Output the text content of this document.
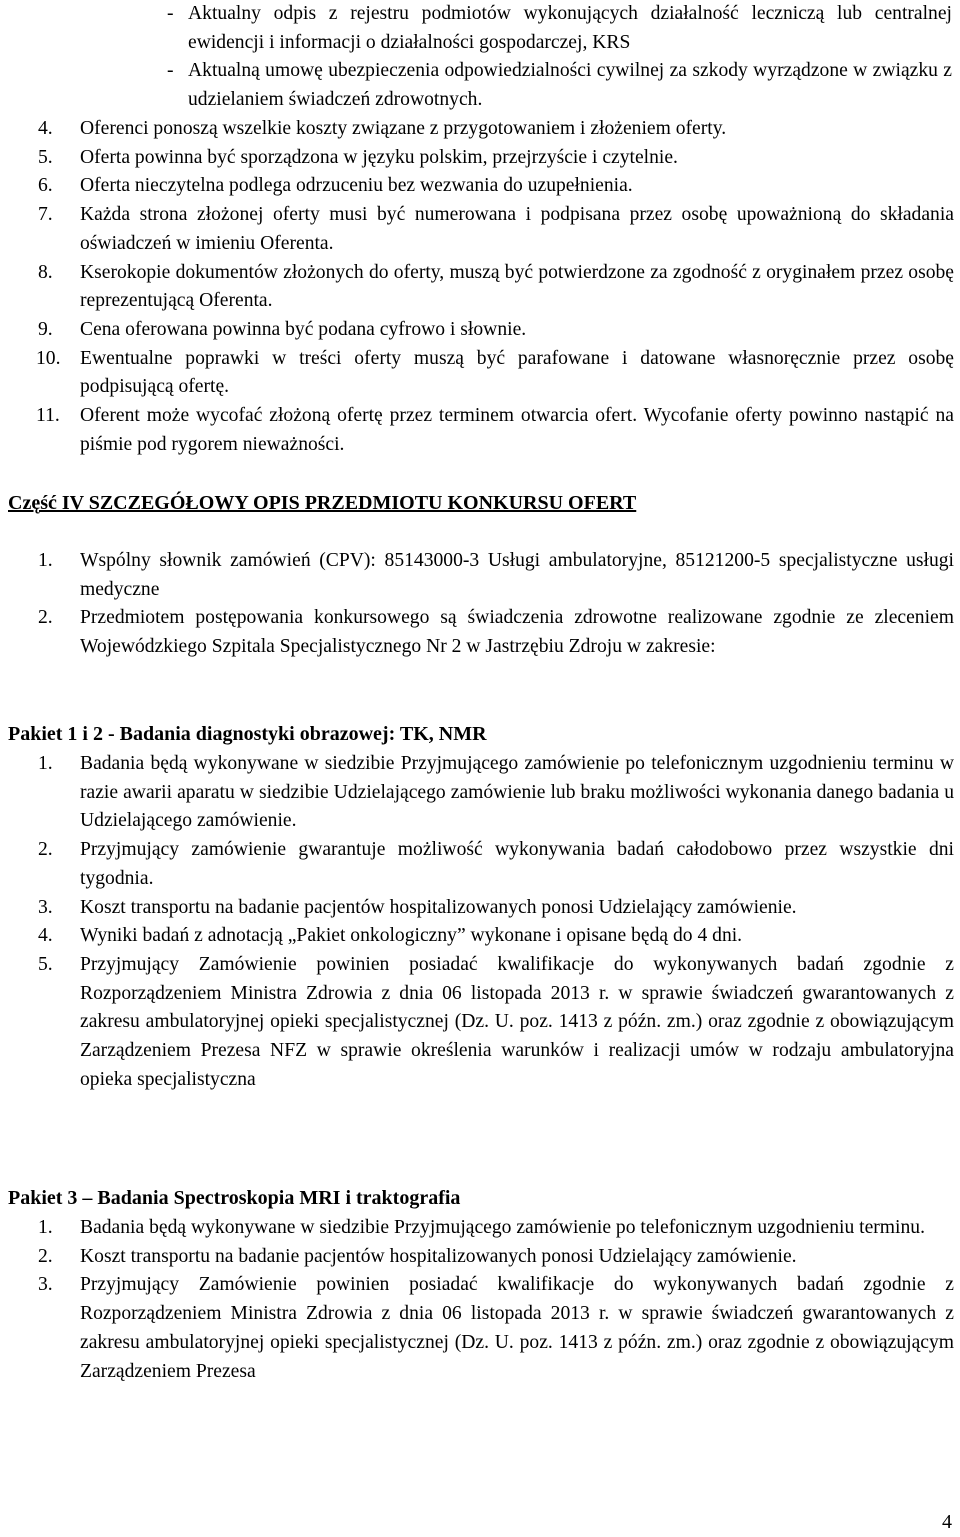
- Aktualny odpis z rejestru podmiotów wykonujących działalność leczniczą lub centralnej ewidencji i informacji o działalności gospodarczej, KRS
- Aktualną umowę ubezpieczenia odpowiedzialności cywilnej za szkody wyrządzone w związku z udzielaniem świadczeń zdrowotnych.
4. Oferenci ponoszą wszelkie koszty związane z przygotowaniem i złożeniem oferty.
5. Oferta powinna być sporządzona w języku polskim, przejrzyście i czytelnie.
6. Oferta nieczytelna podlega odrzuceniu bez wezwania do uzupełnienia.
7. Każda strona złożonej oferty musi być numerowana i podpisana przez osobę upoważnioną do składania oświadczeń w imieniu Oferenta.
8. Kserokopie dokumentów złożonych do oferty, muszą być potwierdzone za zgodność z oryginałem przez osobę reprezentującą Oferenta.
9. Cena oferowana powinna być podana cyfrowo i słownie.
10. Ewentualne poprawki w treści oferty muszą być parafowane i datowane własnoręcznie przez osobę podpisującą ofertę.
11. Oferent może wycofać złożoną ofertę przez terminem otwarcia ofert. Wycofanie oferty powinno nastąpić na piśmie pod rygorem nieważności.
Część IV SZCZEGÓŁOWY OPIS PRZEDMIOTU KONKURSU OFERT
1. Wspólny słownik zamówień (CPV): 85143000-3 Usługi ambulatoryjne, 85121200-5 specjalistyczne usługi medyczne
2. Przedmiotem postępowania konkursowego są świadczenia zdrowotne realizowane zgodnie ze zleceniem Wojewódzkiego Szpitala Specjalistycznego Nr 2 w Jastrzębiu Zdroju w zakresie:
Pakiet 1 i 2 - Badania diagnostyki obrazowej: TK, NMR
1. Badania będą wykonywane w siedzibie Przyjmującego zamówienie po telefonicznym uzgodnieniu terminu w razie awarii aparatu w siedzibie Udzielającego zamówienie lub braku możliwości wykonania danego badania u Udzielającego zamówienie.
2. Przyjmujący zamówienie gwarantuje możliwość wykonywania badań całodobowo przez wszystkie dni tygodnia.
3. Koszt transportu na badanie pacjentów hospitalizowanych ponosi Udzielający zamówienie.
4. Wyniki badań z adnotacją „Pakiet onkologiczny” wykonane i opisane będą do 4 dni.
5. Przyjmujący Zamówienie powinien posiadać kwalifikacje do wykonywanych badań zgodnie z Rozporządzeniem Ministra Zdrowia z dnia 06 listopada 2013 r. w sprawie świadczeń gwarantowanych z zakresu ambulatoryjnej opieki specjalistycznej (Dz. U. poz. 1413 z późn. zm.) oraz zgodnie z obowiązującym Zarządzeniem Prezesa NFZ w sprawie określenia warunków i realizacji umów w rodzaju ambulatoryjna opieka specjalistyczna
Pakiet 3 – Badania Spectroskopia MRI i traktografia
1. Badania będą wykonywane w siedzibie Przyjmującego zamówienie po telefonicznym uzgodnieniu terminu.
2. Koszt transportu na badanie pacjentów hospitalizowanych ponosi Udzielający zamówienie.
3. Przyjmujący Zamówienie powinien posiadać kwalifikacje do wykonywanych badań zgodnie z Rozporządzeniem Ministra Zdrowia z dnia 06 listopada 2013 r. w sprawie świadczeń gwarantowanych z zakresu ambulatoryjnej opieki specjalistycznej (Dz. U. poz. 1413 z późn. zm.) oraz zgodnie z obowiązującym Zarządzeniem Prezesa
4
